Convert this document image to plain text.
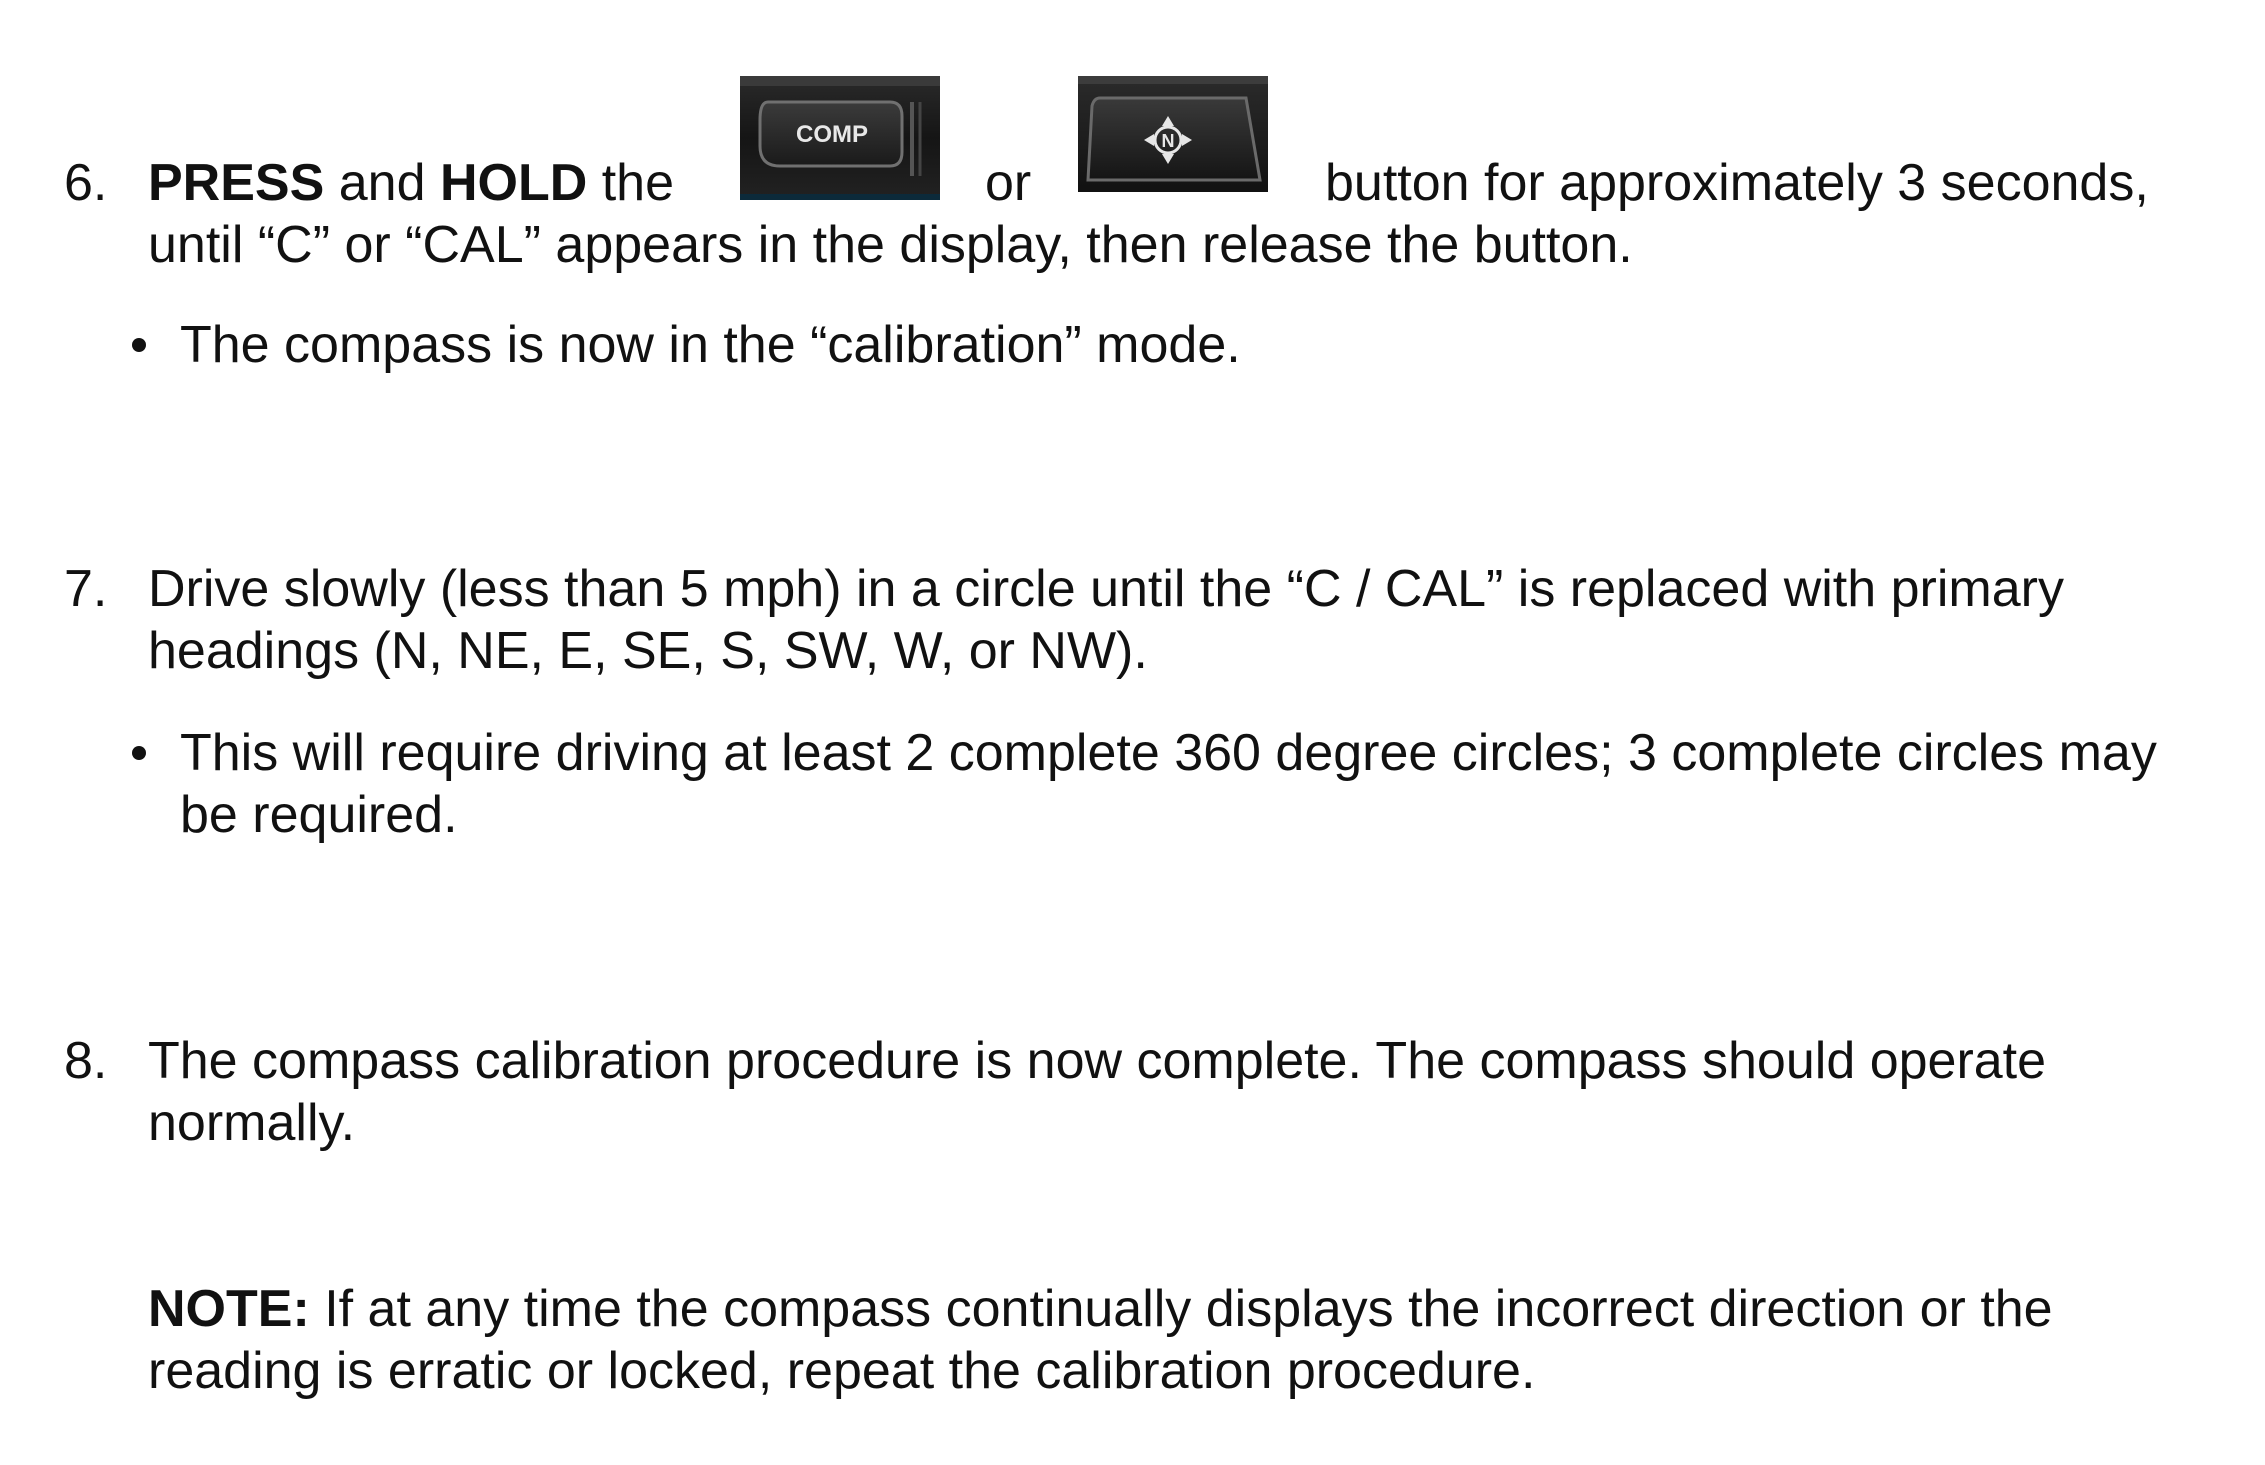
6. PRESS and HOLD the
COMP
or
N
button for approximately 3 seconds,
until “C” or “CAL” appears in the display, then release the button.
The compass is now in the “calibration” mode.
7. Drive slowly (less than 5 mph) in a circle until the “C / CAL” is replaced with primary
headings (N, NE, E, SE, S, SW, W, or NW).
This will require driving at least 2 complete 360 degree circles; 3 complete circles may
be required.
8. The compass calibration procedure is now complete. The compass should operate
normally.
NOTE: If at any time the compass continually displays the incorrect direction or the
reading is erratic or locked, repeat the calibration procedure.
